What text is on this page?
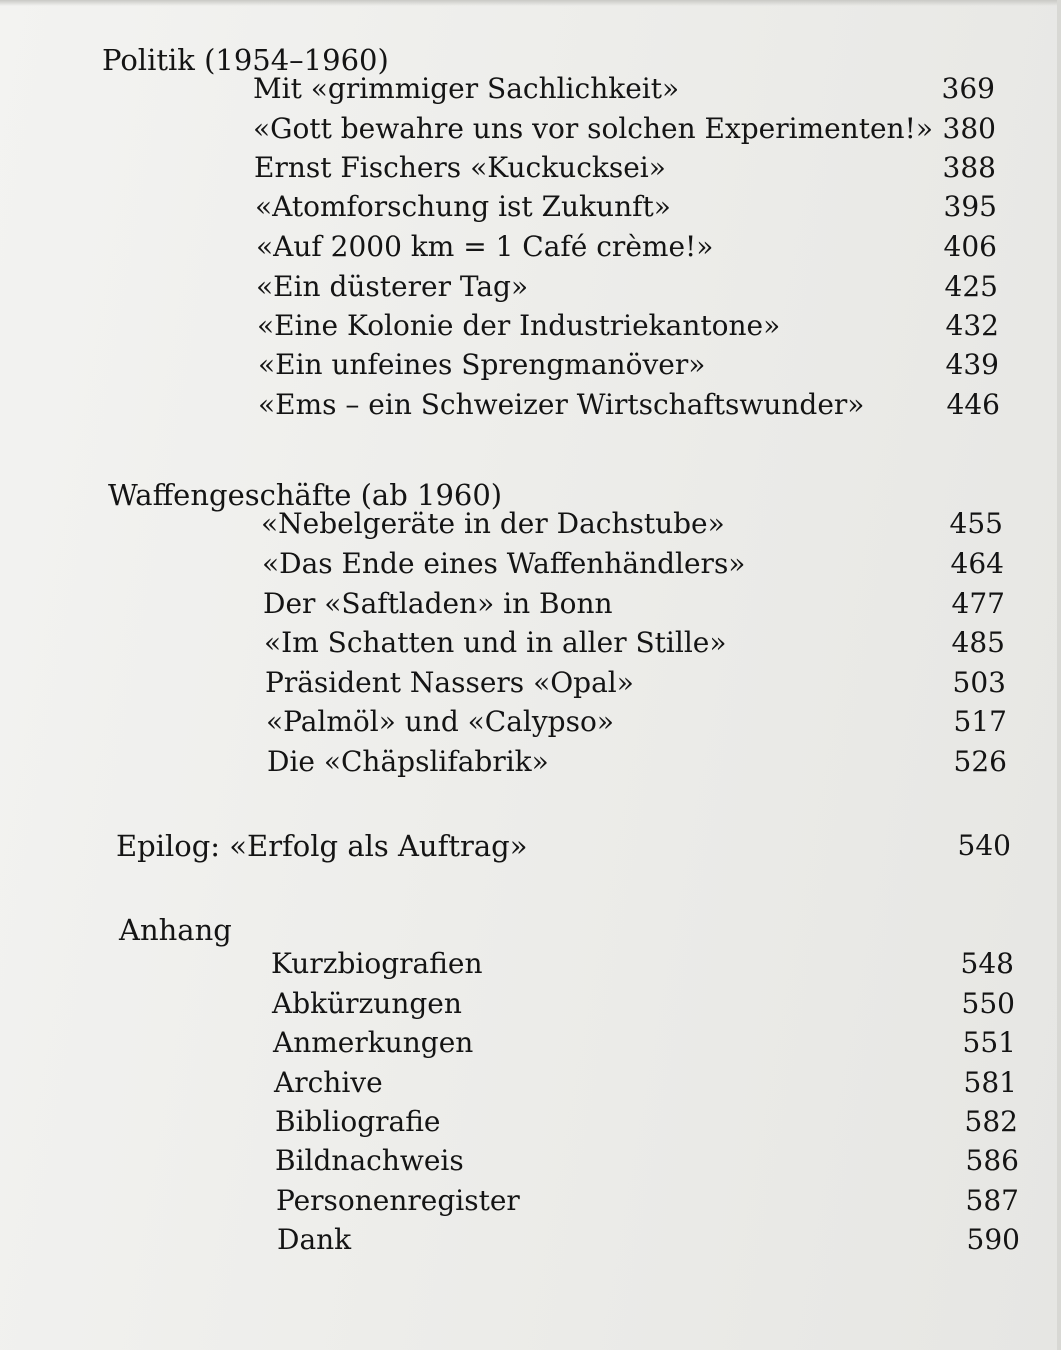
Politik (1954–1960)
Mit «grimmiger Sachlichkeit»	369
«Gott bewahre uns vor solchen Experimenten!» 380
Ernst Fischers «Kuckucksei»	388
«Atomforschung ist Zukunft»	395
«Auf 2000 km = 1 Café crème!»	406
«Ein düsterer Tag»	425
«Eine Kolonie der Industriekantone»	432
«Ein unfeines Sprengmanöver»	439
«Ems – ein Schweizer Wirtschaftswunder»	446
Waffengeschäfte (ab 1960)
«Nebelgeräte in der Dachstube»	455
«Das Ende eines Waffenhändlers»	464
Der «Saftladen» in Bonn	477
«Im Schatten und in aller Stille»	485
Präsident Nassers «Opal»	503
«Palmöl» und «Calypso»	517
Die «Chäpslifabrik»	526
Epilog: «Erfolg als Auftrag»	540
Anhang
Kurzbiografien	548
Abkürzungen	550
Anmerkungen	551
Archive	581
Bibliografie	582
Bildnachweis	586
Personenregister	587
Dank	590
